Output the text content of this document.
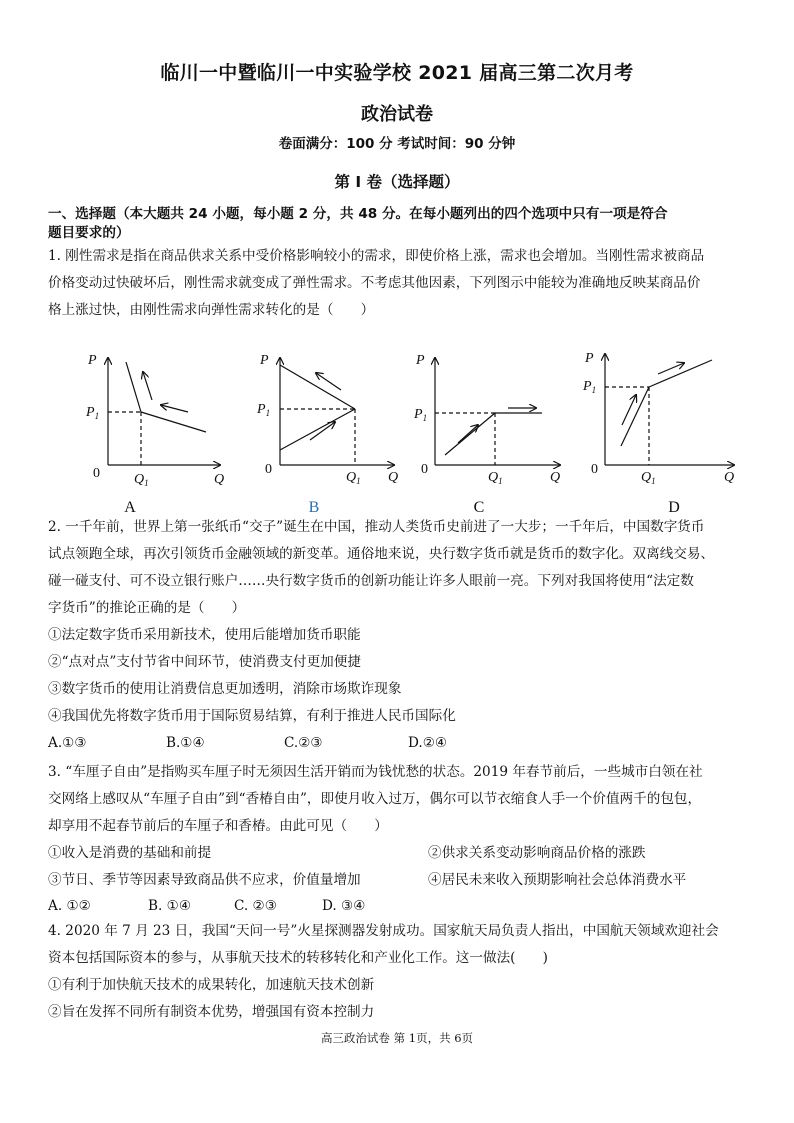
临川一中暨临川一中实验学校 2021 届高三第二次月考
政治试卷
卷面满分：100 分 考试时间：90 分钟
第 I 卷（选择题）
一、选择题（本大题共 24 小题，每小题 2 分，共 48 分。在每小题列出的四个选项中只有一项是符合
题目要求的）
1. 刚性需求是指在商品供求关系中受价格影响较小的需求，即使价格上涨，需求也会增加。当刚性需求被商品
价格变动过快破坏后，刚性需求就变成了弹性需求。不考虑其他因素，下列图示中能较为准确地反映某商品价
格上涨过快，由刚性需求向弹性需求转化的是（　　）
P
$P_1$
0 $Q_1$	Q
P
$P_1$
0
$Q_1$ Q
P
$P_1$
0
$Q_1$	Q
P
$P_1$
0
$Q_1$	Q
A	B	C	D
2. 一千年前，世界上第一张纸币“交子”诞生在中国，推动人类货币史前进了一大步；一千年后，中国数字货币
试点领跑全球，再次引领货币金融领域的新变革。通俗地来说，央行数字货币就是货币的数字化。双离线交易、
碰一碰支付、可不设立银行账户……央行数字货币的创新功能让许多人眼前一亮。下列对我国将使用“法定数
字货币”的推论正确的是（　　）
①法定数字货币采用新技术，使用后能增加货币职能
②“点对点”支付节省中间环节，使消费支付更加便捷
③数字货币的使用让消费信息更加透明，消除市场欺诈现象
④我国优先将数字货币用于国际贸易结算，有利于推进人民币国际化
A.①③	B.①④	C.②③	D.②④
3. “车厘子自由”是指购买车厘子时无须因生活开销而为钱忧愁的状态。2019 年春节前后，一些城市白领在社
交网络上感叹从“车厘子自由”到“香椿自由”，即使月收入过万，偶尔可以节衣缩食人手一个价值两千的包包，
却享用不起春节前后的车厘子和香椿。由此可见（　　）
①收入是消费的基础和前提	②供求关系变动影响商品价格的涨跌
③节日、季节等因素导致商品供不应求，价值量增加	④居民未来收入预期影响社会总体消费水平
A. ①②	B. ①④	C. ②③	D. ③④
4. 2020 年 7 月 23 日，我国“天问一号”火星探测器发射成功。国家航天局负责人指出，中国航天领域欢迎社会
资本包括国际资本的参与，从事航天技术的转移转化和产业化工作。这一做法(　　)
①有利于加快航天技术的成果转化，加速航天技术创新
②旨在发挥不同所有制资本优势，增强国有资本控制力
高三政治试卷 第 1页，共 6页
